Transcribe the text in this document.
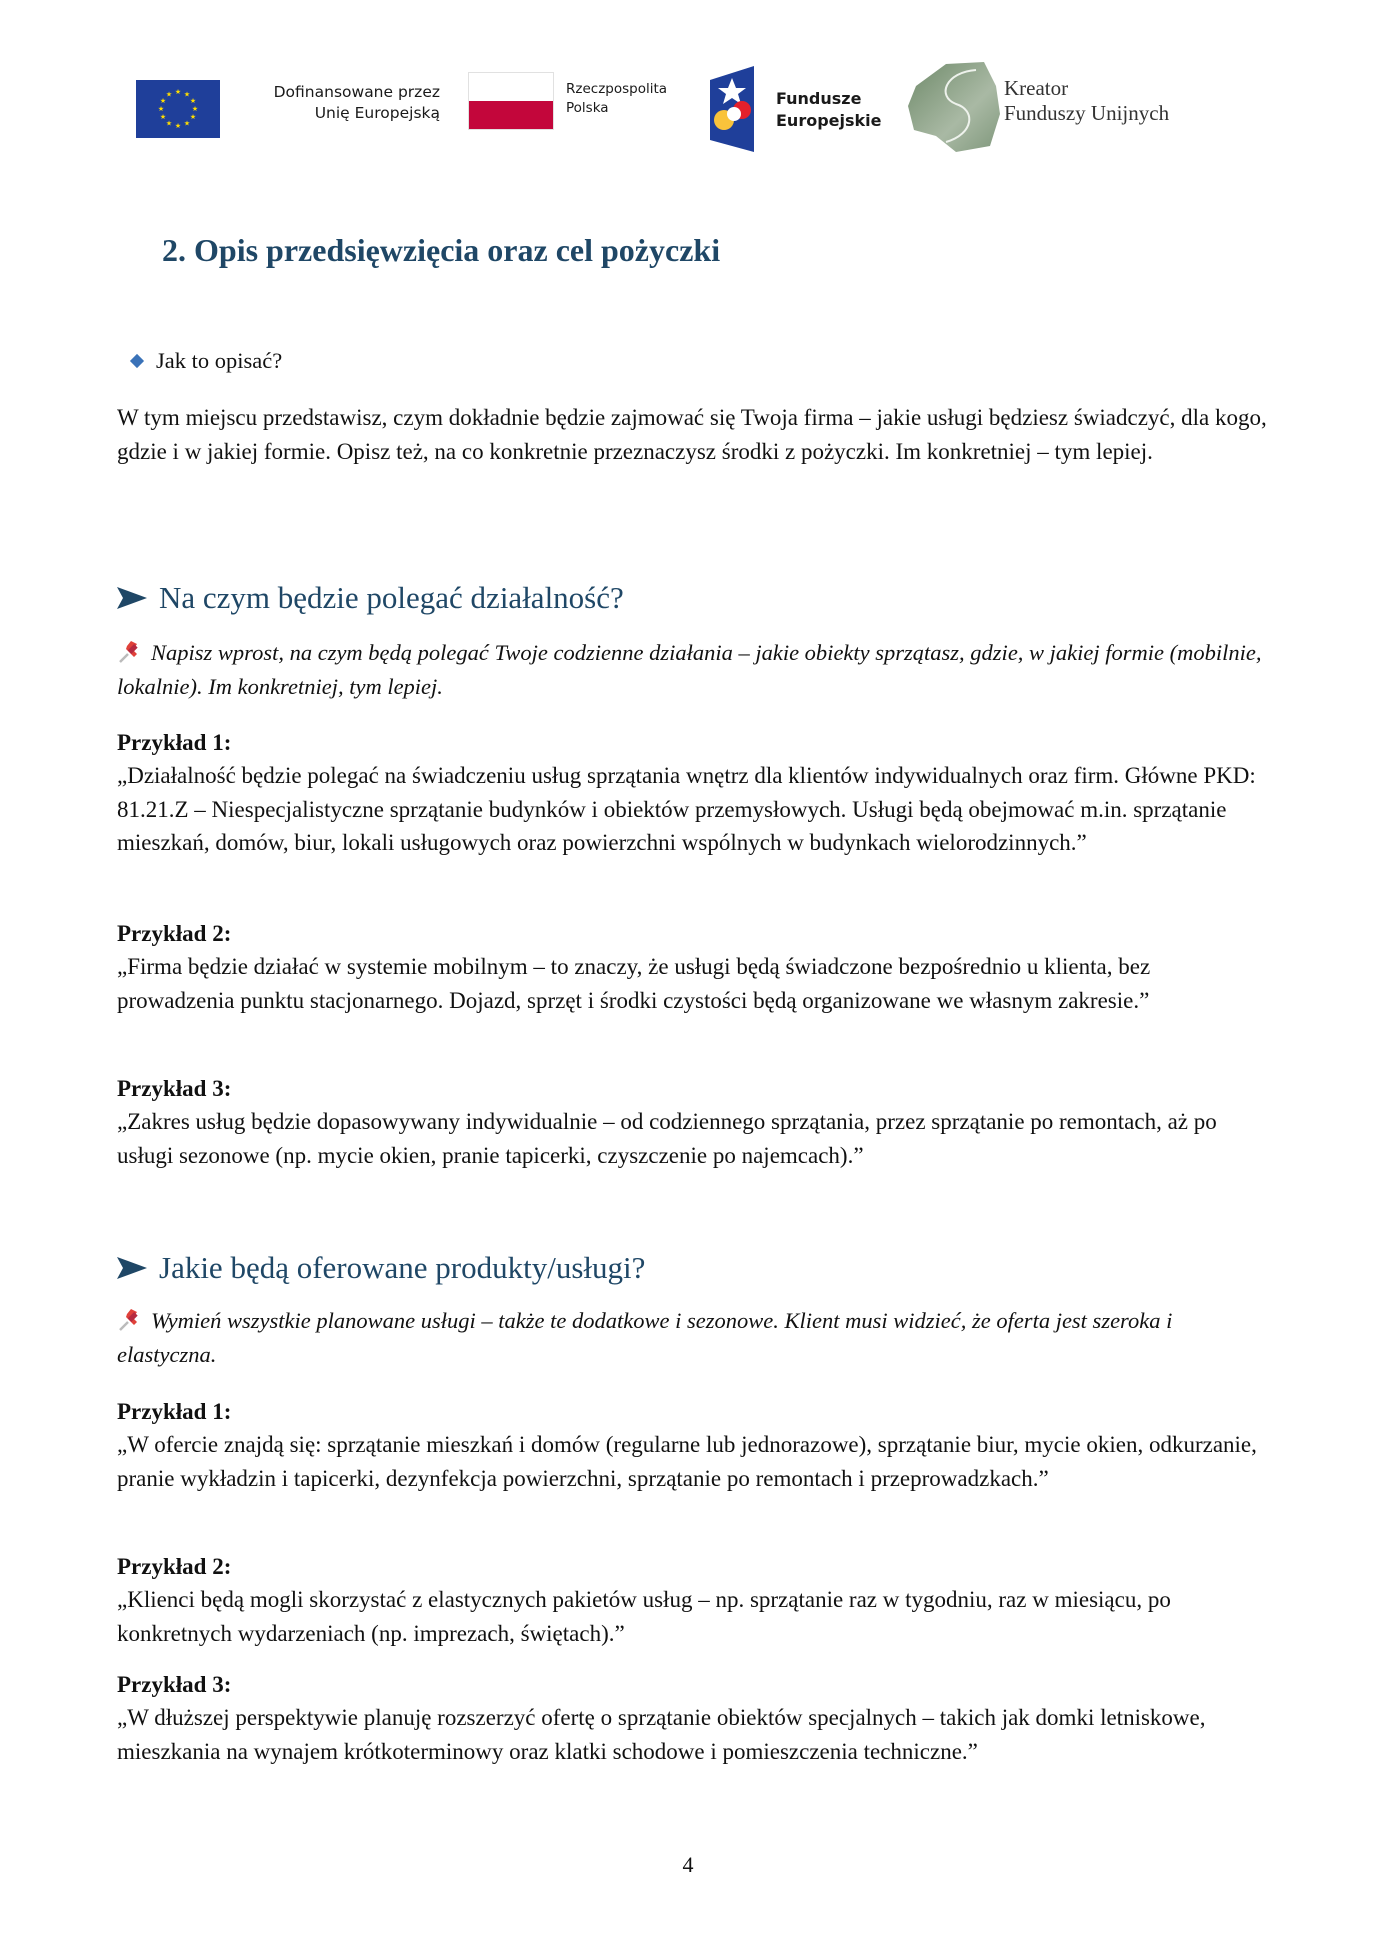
★ ★
★
★
★
★
★
★
★
★
★
★	Dofinansowane przez
Unię Europejską
Rzeczpospolita
Polska	Fundusze
Europejskie
Kreator
Funduszy Unijnych
2. Opis przedsięwzięcia oraz cel pożyczki
Jak to opisać?

W tym miejscu przedstawisz, czym dokładnie będzie zajmować się Twoja firma – jakie usługi będziesz świadczyć, dla kogo, gdzie i w jakiej formie. Opisz też, na co konkretnie przeznaczysz środki z pożyczki. Im konkretniej – tym lepiej.

Na czym będzie polegać działalność?

Napisz wprost, na czym będą polegać Twoje codzienne działania – jakie obiekty sprzątasz, gdzie, w jakiej formie (mobilnie, lokalnie). Im konkretniej, tym lepiej.

Przykład 1:
„Działalność będzie polegać na świadczeniu usług sprzątania wnętrz dla klientów indywidualnych oraz firm. Główne PKD: 81.21.Z – Niespecjalistyczne sprzątanie budynków i obiektów przemysłowych. Usługi będą obejmować m.in. sprzątanie mieszkań, domów, biur, lokali usługowych oraz powierzchni wspólnych w budynkach wielorodzinnych.”
Przykład 2:
„Firma będzie działać w systemie mobilnym – to znaczy, że usługi będą świadczone bezpośrednio u klienta, bez prowadzenia punktu stacjonarnego. Dojazd, sprzęt i środki czystości będą organizowane we własnym zakresie.”
Przykład 3:
„Zakres usług będzie dopasowywany indywidualnie – od codziennego sprzątania, przez sprzątanie po remontach, aż po usługi sezonowe (np. mycie okien, pranie tapicerki, czyszczenie po najemcach).”
Jakie będą oferowane produkty/usługi?

Wymień wszystkie planowane usługi – także te dodatkowe i sezonowe. Klient musi widzieć, że oferta jest szeroka i elastyczna.

Przykład 1:
„W ofercie znajdą się: sprzątanie mieszkań i domów (regularne lub jednorazowe), sprzątanie biur, mycie okien, odkurzanie, pranie wykładzin i tapicerki, dezynfekcja powierzchni, sprzątanie po remontach i przeprowadzkach.”
Przykład 2:
„Klienci będą mogli skorzystać z elastycznych pakietów usług – np. sprzątanie raz w tygodniu, raz w miesiącu, po konkretnych wydarzeniach (np. imprezach, świętach).”
Przykład 3:
„W dłuższej perspektywie planuję rozszerzyć ofertę o sprzątanie obiektów specjalnych – takich jak domki letniskowe, mieszkania na wynajem krótkoterminowy oraz klatki schodowe i pomieszczenia techniczne.”
4
